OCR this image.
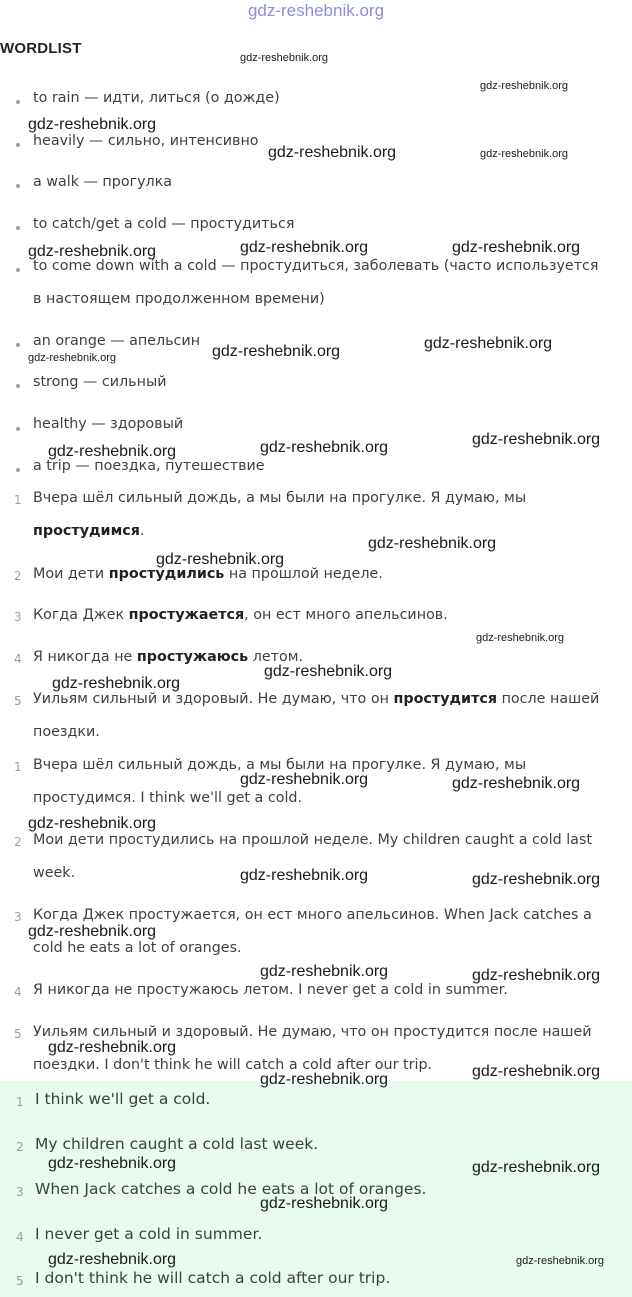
gdz-reshebnik.org
WORDLIST
to rain — идти, литься (о дожде)
heavily — сильно, интенсивно
a walk — прогулка
to catch/get a cold — простудиться
to come down with a cold — простудиться, заболевать (часто используется
в настоящем продолженном времени)
an orange — апельсин
strong — сильный
healthy — здоровый
a trip — поездка, путешествие
1 Вчера шёл сильный дождь, а мы были на прогулке. Я думаю, мы
простудимся.
2 Мои дети простудились на прошлой неделе.
3 Когда Джек простужается, он ест много апельсинов.
4 Я никогда не простужаюсь летом.
5 Уильям сильный и здоровый. Не думаю, что он простудится после нашей
поездки.
1 Вчера шёл сильный дождь, а мы были на прогулке. Я думаю, мы
простудимся. I think we'll get a cold.
2 Мои дети простудились на прошлой неделе. My children caught a cold last
week.
3 Когда Джек простужается, он ест много апельсинов. When Jack catches a
cold he eats a lot of oranges.
4 Я никогда не простужаюсь летом. I never get a cold in summer.
5 Уильям сильный и здоровый. Не думаю, что он простудится после нашей
поездки. I don't think he will catch a cold after our trip.
1 I think we'll get a cold.
2 My children caught a cold last week.
3 When Jack catches a cold he eats a lot of oranges.
4 I never get a cold in summer.
5 I don't think he will catch a cold after our trip.
gdz-reshebnik.org
gdz-reshebnik.org
gdz-reshebnik.org
gdz-reshebnik.org	gdz-reshebnik.org
gdz-reshebnik.org	gdz-reshebnik.org	gdz-reshebnik.org
gdz-reshebnik.org	gdz-reshebnik.org	gdz-reshebnik.org
gdz-reshebnik.org	gdz-reshebnik.org	gdz-reshebnik.org
gdz-reshebnik.org
gdz-reshebnik.org
gdz-reshebnik.org
gdz-reshebnik.org
gdz-reshebnik.org
gdz-reshebnik.org	gdz-reshebnik.org
gdz-reshebnik.org
gdz-reshebnik.org	gdz-reshebnik.org
gdz-reshebnik.org
gdz-reshebnik.org	gdz-reshebnik.org
gdz-reshebnik.org
gdz-reshebnik.org	gdz-reshebnik.org
gdz-reshebnik.org	gdz-reshebnik.org
gdz-reshebnik.org
gdz-reshebnik.org	gdz-reshebnik.org
